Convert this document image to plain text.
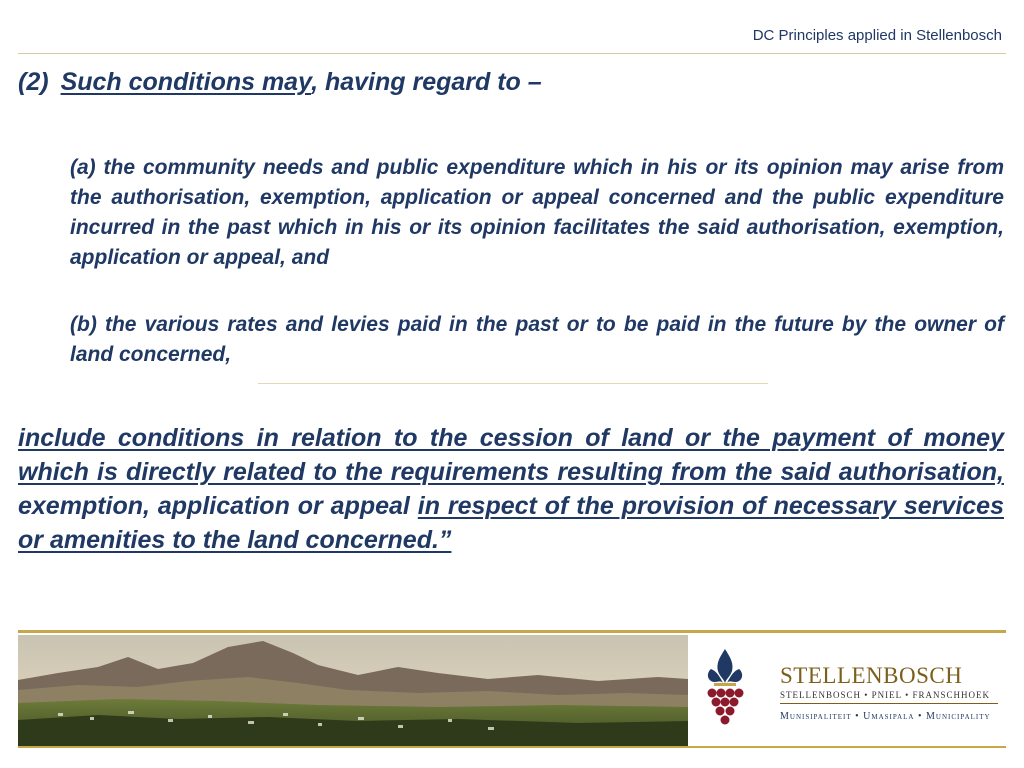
DC Principles applied in Stellenbosch
(2) Such conditions may, having regard to –
(a) the community needs and public expenditure which in his or its opinion may arise from the authorisation, exemption, application or appeal concerned and the public expenditure incurred in the past which in his or its opinion facilitates the said authorisation, exemption, application or appeal, and
(b) the various rates and levies paid in the past or to be paid in the future by the owner of land concerned,
include conditions in relation to the cession of land or the payment of money which is directly related to the requirements resulting from the said authorisation, exemption, application or appeal in respect of the provision of necessary services or amenities to the land concerned.”
STELLENBOSCH
STELLENBOSCH • PNIEL • FRANSCHHOEK
Munisipaliteit • Umasipala • Municipality
